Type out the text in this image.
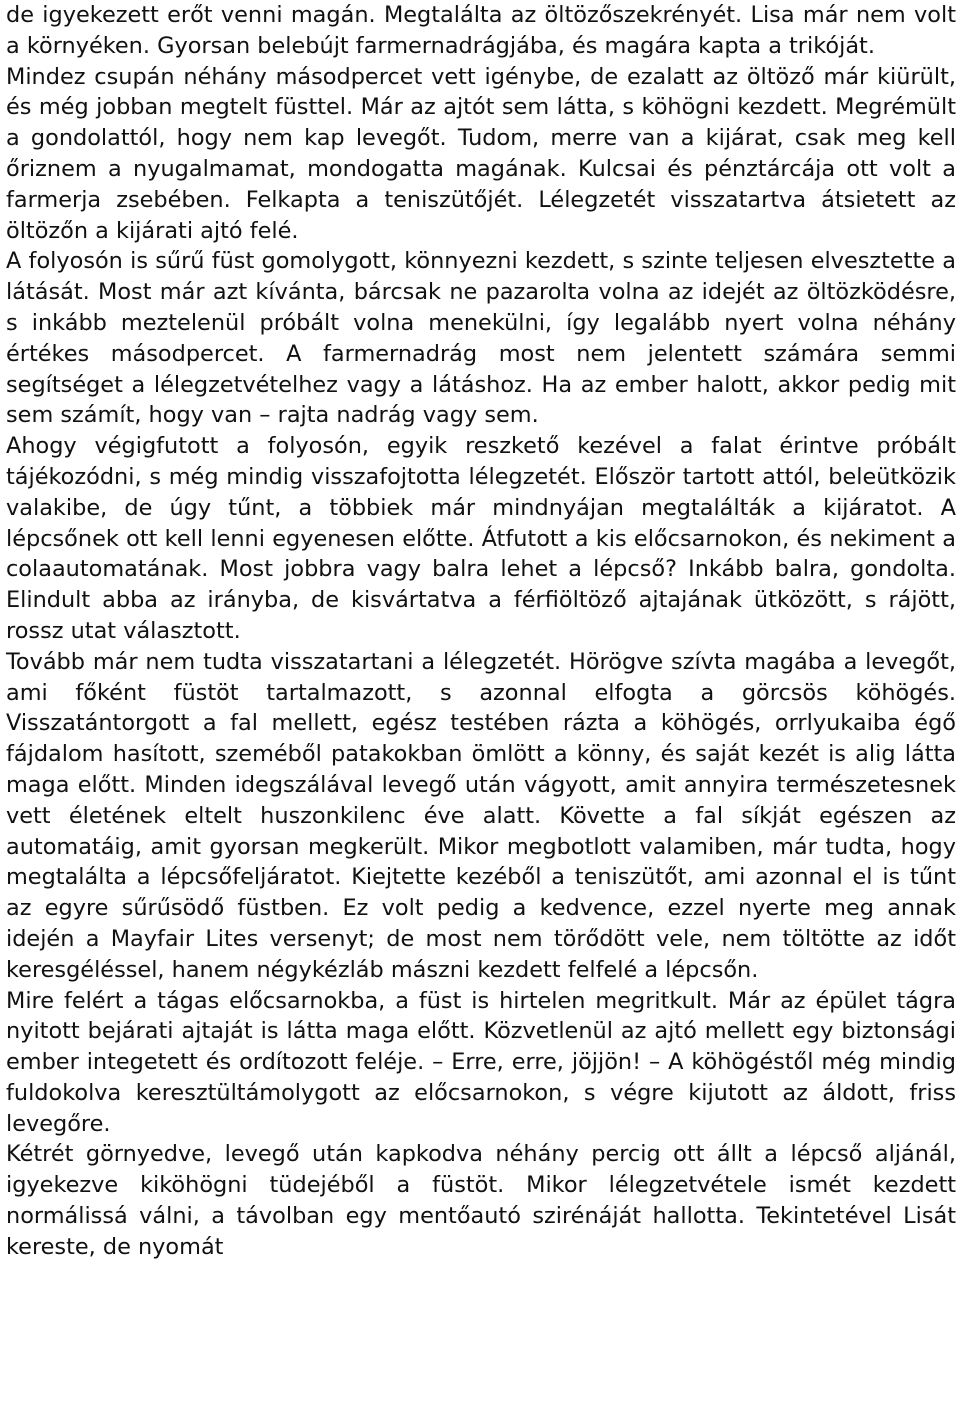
de igyekezett erőt venni magán. Megtalálta az öltözőszekrényét. Lisa már nem volt a környéken. Gyorsan belebújt farmernadrágjába, és magára kapta a trikóját.

Mindez csupán néhány másodpercet vett igénybe, de ezalatt az öltöző már kiürült, és még jobban megtelt füsttel. Már az ajtót sem látta, s köhögni kezdett. Megrémült a gondolattól, hogy nem kap levegőt. Tudom, merre van a kijárat, csak meg kell őriznem a nyugalmamat, mondogatta magának. Kulcsai és pénztárcája ott volt a farmerja zsebében. Felkapta a teniszütőjét. Lélegzetét visszatartva átsietett az öltözőn a kijárati ajtó felé.

A folyosón is sűrű füst gomolygott, könnyezni kezdett, s szinte teljesen elvesztette a látását. Most már azt kívánta, bárcsak ne pazarolta volna az idejét az öltözködésre, s inkább meztelenül próbált volna menekülni, így legalább nyert volna néhány értékes másodpercet. A farmernadrág most nem jelentett számára semmi segítséget a lélegzetvételhez vagy a látáshoz. Ha az ember halott, akkor pedig mit sem számít, hogy van – rajta nadrág vagy sem.

Ahogy végigfutott a folyosón, egyik reszkető kezével a falat érintve próbált tájékozódni, s még mindig visszafojtotta lélegzetét. Először tartott attól, beleütközik valakibe, de úgy tűnt, a többiek már mindnyájan megtalálták a kijáratot. A lépcsőnek ott kell lenni egyenesen előtte. Átfutott a kis előcsarnokon, és nekiment a colaautomatának. Most jobbra vagy balra lehet a lépcső? Inkább balra, gondolta. Elindult abba az irányba, de kisvártatva a férfiöltöző ajtajának ütközött, s rájött, rossz utat választott.

Tovább már nem tudta visszatartani a lélegzetét. Hörögve szívta magába a levegőt, ami főként füstöt tartalmazott, s azonnal elfogta a görcsös köhögés. Visszatántorgott a fal mellett, egész testében rázta a köhögés, orrlyukaiba égő fájdalom hasított, szeméből patakokban ömlött a könny, és saját kezét is alig látta maga előtt. Minden idegszálával levegő után vágyott, amit annyira természetesnek vett életének eltelt huszonkilenc éve alatt. Követte a fal síkját egészen az automatáig, amit gyorsan megkerült. Mikor megbotlott valamiben, már tudta, hogy megtalálta a lépcsőfeljáratot. Kiejtette kezéből a teniszütőt, ami azonnal el is tűnt az egyre sűrűsödő füstben. Ez volt pedig a kedvence, ezzel nyerte meg annak idején a Mayfair Lites versenyt; de most nem törődött vele, nem töltötte az időt keresgéléssel, hanem négykézláb mászni kezdett felfelé a lépcsőn.

Mire felért a tágas előcsarnokba, a füst is hirtelen megritkult. Már az épület tágra nyitott bejárati ajtaját is látta maga előtt. Közvetlenül az ajtó mellett egy biztonsági ember integetett és ordítozott feléje. – Erre, erre, jöjjön! – A köhögéstől még mindig fuldokolva keresztültámolygott az előcsarnokon, s végre kijutott az áldott, friss levegőre.

Kétrét görnyedve, levegő után kapkodva néhány percig ott állt a lépcső aljánál, igyekezve kiköhögni tüdejéből a füstöt. Mikor lélegzetvétele ismét kezdett normálissá válni, a távolban egy mentőautó szirénáját hallotta. Tekintetével Lisát kereste, de nyomát
